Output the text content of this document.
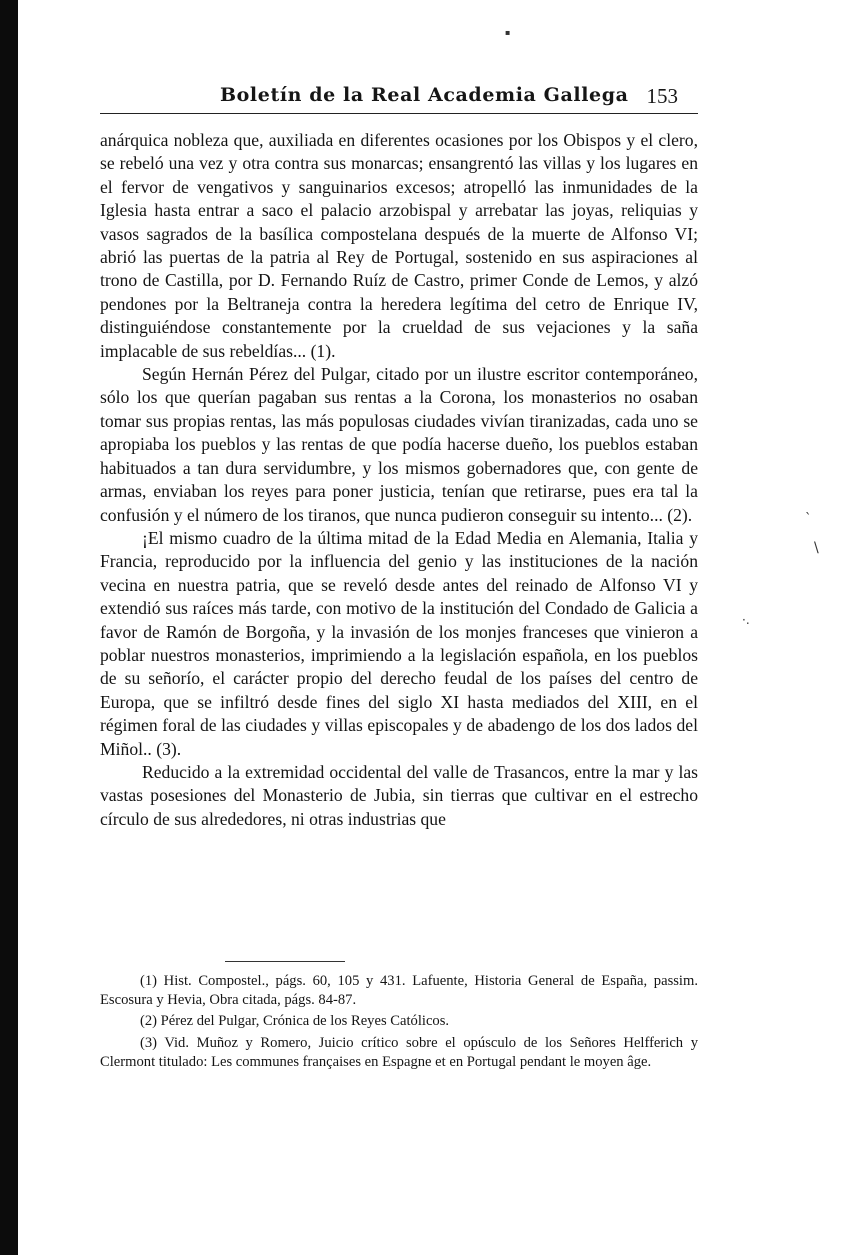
Boletín de la Real Academia Gallega 153

anárquica nobleza que, auxiliada en diferentes ocasiones por los Obispos y el clero, se rebeló una vez y otra contra sus monarcas; ensangrentó las villas y los lugares en el fervor de vengativos y sanguinarios excesos; atropelló las inmunidades de la Iglesia hasta entrar a saco el palacio arzobispal y arrebatar las joyas, reliquias y vasos sagrados de la basílica compostelana después de la muerte de Alfonso VI; abrió las puertas de la patria al Rey de Portugal, sostenido en sus aspiraciones al trono de Castilla, por D. Fernando Ruíz de Castro, primer Conde de Lemos, y alzó pendones por la Beltraneja contra la heredera legítima del cetro de Enrique IV, distinguiéndose constantemente por la crueldad de sus vejaciones y la saña implacable de sus rebeldías... (1).

Según Hernán Pérez del Pulgar, citado por un ilustre escritor contemporáneo, sólo los que querían pagaban sus rentas a la Corona, los monasterios no osaban tomar sus propias rentas, las más populosas ciudades vivían tiranizadas, cada uno se apropiaba los pueblos y las rentas de que podía hacerse dueño, los pueblos estaban habituados a tan dura servidumbre, y los mismos gobernadores que, con gente de armas, enviaban los reyes para poner justicia, tenían que retirarse, pues era tal la confusión y el número de los tiranos, que nunca pudieron conseguir su intento... (2).

¡El mismo cuadro de la última mitad de la Edad Media en Alemania, Italia y Francia, reproducido por la influencia del genio y las instituciones de la nación vecina en nuestra patria, que se reveló desde antes del reinado de Alfonso VI y extendió sus raíces más tarde, con motivo de la institución del Condado de Galicia a favor de Ramón de Borgoña, y la invasión de los monjes franceses que vinieron a poblar nuestros monasterios, imprimiendo a la legislación española, en los pueblos de su señorío, el carácter propio del derecho feudal de los países del centro de Europa, que se infiltró desde fines del siglo XI hasta mediados del XIII, en el régimen foral de las ciudades y villas episcopales y de abadengo de los dos lados del Miñol.. (3).

Reducido a la extremidad occidental del valle de Trasancos, entre la mar y las vastas posesiones del Monasterio de Jubia, sin tierras que cultivar en el estrecho círculo de sus alrededores, ni otras industrias que

(1) Hist. Compostel., págs. 60, 105 y 431. Lafuente, Historia General de España, passim. Escosura y Hevia, Obra citada, págs. 84-87.

(2) Pérez del Pulgar, Crónica de los Reyes Católicos.

(3) Vid. Muñoz y Romero, Juicio crítico sobre el opúsculo de los Señores Helfferich y Clermont titulado: Les communes françaises en Espagne et en Portugal pendant le moyen âge.

▪
`
\
·.
